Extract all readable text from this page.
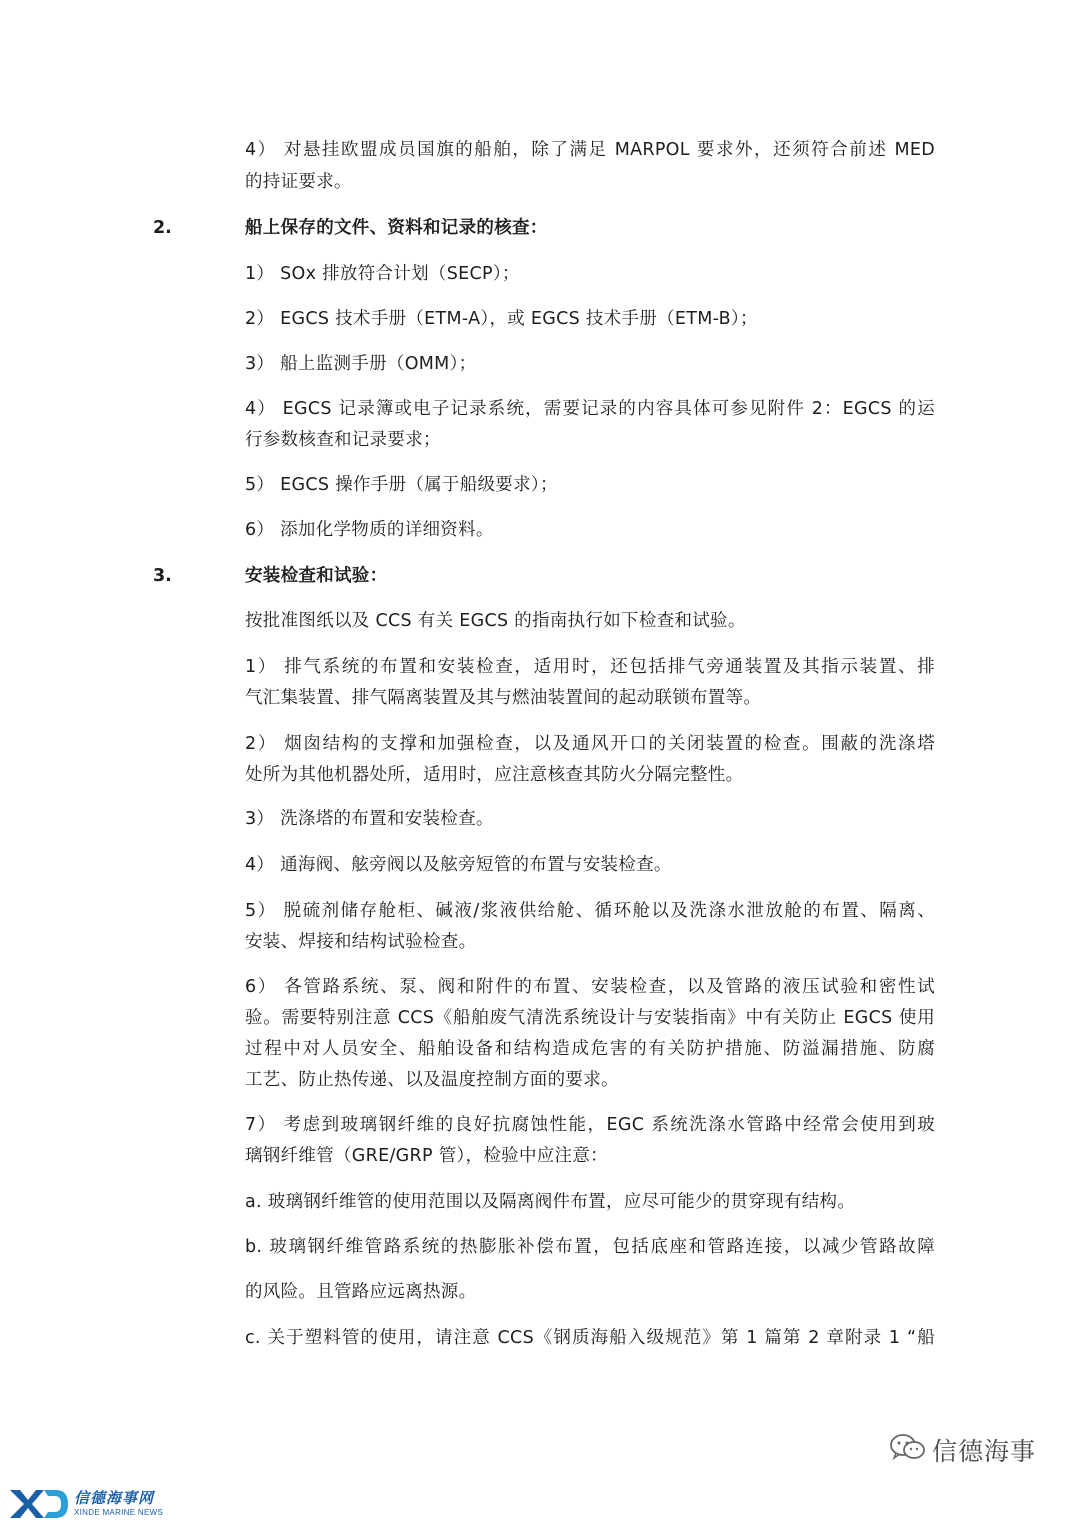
4） 对悬挂欧盟成员国旗的船舶，除了满足 MARPOL 要求外，还须符合前述 MED
的持证要求。
2.	船上保存的文件、资料和记录的核查：
1） SOx 排放符合计划（SECP）；
2） EGCS 技术手册（ETM-A），或 EGCS 技术手册（ETM-B）；
3） 船上监测手册（OMM）；
4） EGCS 记录簿或电子记录系统，需要记录的内容具体可参见附件 2：EGCS 的运
行参数核查和记录要求；
5） EGCS 操作手册（属于船级要求）；
6） 添加化学物质的详细资料。
3.	安装检查和试验：
按批准图纸以及 CCS 有关 EGCS 的指南执行如下检查和试验。
1） 排气系统的布置和安装检查，适用时，还包括排气旁通装置及其指示装置、排
气汇集装置、排气隔离装置及其与燃油装置间的起动联锁布置等。
2） 烟囱结构的支撑和加强检查，以及通风开口的关闭装置的检查。围蔽的洗涤塔
处所为其他机器处所，适用时，应注意核查其防火分隔完整性。
3） 洗涤塔的布置和安装检查。
4） 通海阀、舷旁阀以及舷旁短管的布置与安装检查。
5） 脱硫剂储存舱柜、碱液/浆液供给舱、循环舱以及洗涤水泄放舱的布置、隔离、
安装、焊接和结构试验检查。
6） 各管路系统、泵、阀和附件的布置、安装检查，以及管路的液压试验和密性试
验。需要特别注意 CCS《船舶废气清洗系统设计与安装指南》中有关防止 EGCS 使用
过程中对人员安全、船舶设备和结构造成危害的有关防护措施、防溢漏措施、防腐
工艺、防止热传递、以及温度控制方面的要求。
7） 考虑到玻璃钢纤维的良好抗腐蚀性能，EGC 系统洗涤水管路中经常会使用到玻
璃钢纤维管（GRE/GRP 管），检验中应注意：
a. 玻璃钢纤维管的使用范围以及隔离阀件布置，应尽可能少的贯穿现有结构。
b. 玻璃钢纤维管路系统的热膨胀补偿布置，包括底座和管路连接，以减少管路故障
的风险。且管路应远离热源。
c. 关于塑料管的使用，请注意 CCS《钢质海船入级规范》第 1 篇第 2 章附录 1 “船
信德海事
信德海事网
XINDE MARINE NEWS
